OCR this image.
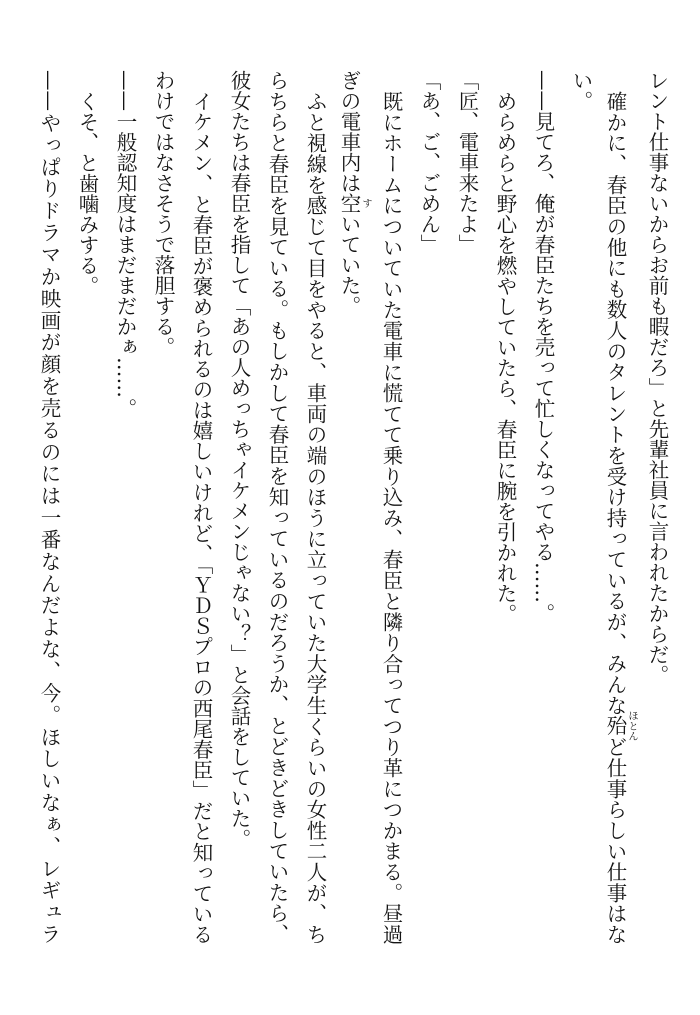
レント仕事ないからお前も暇だろ」と先輩社員に言われたからだ。
確かに、春臣の他にも数人のタレントを受け持っているが、みんな殆 ほとんど仕事らしい仕事はな
い。
——見てろ、俺が春臣たちを売って忙しくなってやる……。
めらめらと野心を燃やしていたら、春臣に腕を引かれた。
「匠、電車来たよ」
「あ、ご、ごめん」
既にホームについていた電車に慌てて乗り込み、春臣と隣り合ってつり革につかまる。昼過
ぎの電車内は空 すいていた。
ふと視線を感じて目をやると、車両の端のほうに立っていた大学生くらいの女性二人が、ち
らちらと春臣を見ている。もしかして春臣を知っているのだろうか、とどきどきしていたら、
彼女たちは春臣を指して「あの人めっちゃイケメンじゃない？」と会話をしていた。
イケメン、と春臣が褒められるのは嬉しいけれど、「ＹＤＳプロの西尾春臣」だと知っている
わけではなさそうで落胆する。
——一般認知度はまだまだかぁ……。
くそ、と歯噛みする。
——やっぱりドラマか映画が顔を売るのには一番なんだよな、今。ほしいなぁ、レギュラ
